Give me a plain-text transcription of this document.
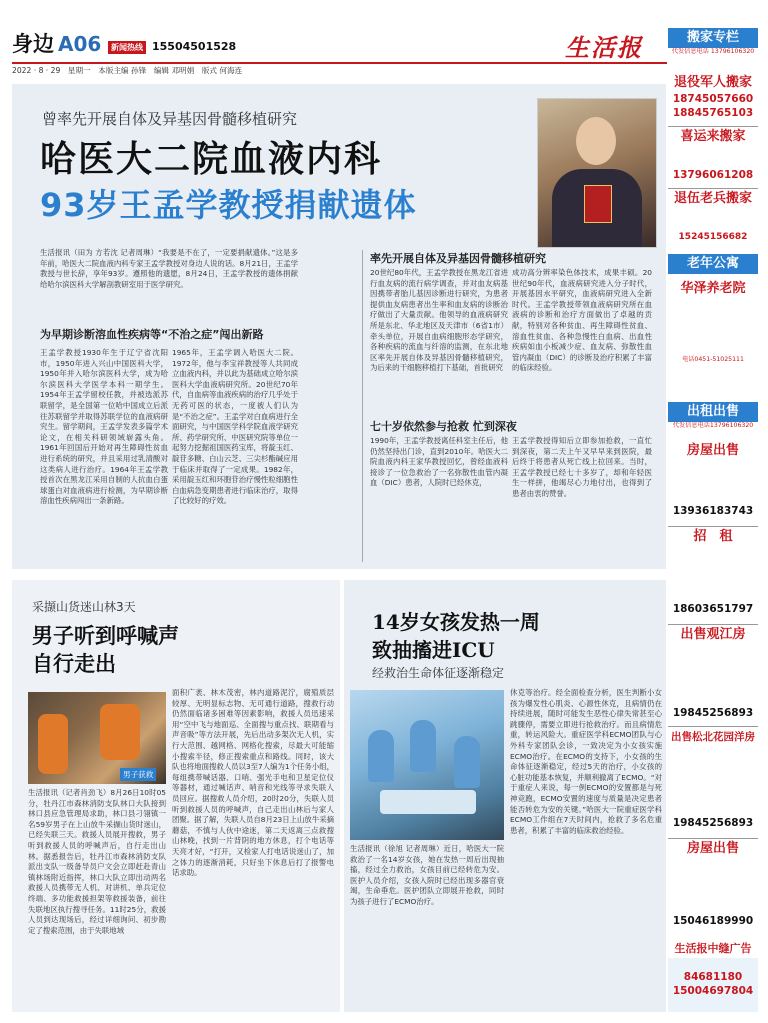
身边 A06	新闻热线 15504501528	生活报
2022 · 8 · 29　星期一　本版主编 孙锋　编辑 邓明娟　版式 何海连
曾率先开展自体及异基因骨髓移植研究
哈医大二院血液内科
93岁王孟学教授捐献遗体
生活报讯（田为 方若沈 记者周琳）“我要是不在了，一定要捐献遗体。”这是多年前，哈医大二院血液内科专家王孟学教授对身边人说的话。8月21日，王孟学教授与世长辞，享年93岁。遵照他的遗愿，8月24日，王孟学教授的遗体捐献给哈尔滨医科大学解剖教研室用于医学研究。
为早期诊断溶血性疾病等“不治之症”闯出新路
王孟学教授1930年生于辽宁省沈阳市，1950年进入兴山中国医科大学，1950年并入哈尔滨医科大学，成为哈尔滨医科大学医学本科一期学生。1954年王孟学留校任教，并被选派苏联留学，是全国第一位哈中国成立后派往苏联留学并取得苏联学位的血液病研究生。留学期间，王孟学发表多篇学术论文，在相关科研领域崭露头角。1961年回国后开始对再生障碍性贫血进行系统的研究，并且采用过乳清酸对这类病人进行治疗。1964年王孟学教授首次在黑龙江采用自制的人抗血白蛋球蛋白对血液病进行检测，为早期诊断溶血性疾病闯出一条新路。
1965年，王孟学调入哈医大二院。1972年，他与李宝祥教授等人共同成立血液内科，并以此为基础成立哈尔滨医科大学血液病研究所。20世纪70年代，自血病等血液疾病的治疗几乎处于无药可医的状态，一度被人们认为是“不治之症”。王孟学对白血病进行全面研究，与中国医学科学院血液学研究所、药学研究所、中医研究院等单位一起努力挖掘祖国医药宝库，将靛玉红、靛苷多糖、白山云芝、三尖杉酯碱应用于临床并取得了一定成果。1982年，采用靛玉红和环胞苷治疗慢性粒细胞性白血病急变期患者进行临床治疗，取得了比较好的疗效。
率先开展自体及异基因骨髓移植研究
20世纪80年代，王孟学教授在黑龙江省进行血友病的流行病学调查，并对血友病基因携带者胎儿基因诊断进行研究，为患者提供血友病患者出生率和血友病的诊断治疗做出了大量贡献。他领导的血液病研究所是东北、华北地区及天津市（6省1市）牵头单位，开展自血病细胞形态学研究，各种疾病的流血与纤溶的监测，在东北地区率先开展自体及异基因骨髓移植研究，为后来的干细胞移植打下基础，首批研究
成功高分辨率染色体技术，成果丰硕。20世纪90年代，血液病研究进入分子时代，开展基因水平研究，血液病研究进入全新时代。王孟学教授带领血液病研究所在血液病的诊断和治疗方面做出了卓越的贡献，特别对各种贫血、再生障碍性贫血、溶血性贫血、各种急慢性白血病、出血性疾病如血小板减少症、血友病、弥散性血管内凝血（DIC）的诊断及治疗积累了丰富的临床经验。
七十岁依然参与抢救 忙到深夜
1990年，王孟学教授离任科室主任后，他仍然坚持出门诊，直到2010年。哈医大二院血液内科王家华教授回忆，曾经血液科接诊了一位急救治了一名弥散性血管内凝血（DIC）患者，人院时已经休克，
王孟学教授得知后立即参加抢救，一直忙到深夜，第二天上午又早早来到医院，最后终于将患者从死亡线上拉回来。当时，王孟学教授已经七十多岁了，却和年轻医生一样拼，他竭尽心力地付出，也得到了患者由衷的赞誉。
采撷山货迷山林3天
男子听到呼喊声
自行走出
男子获救
生活报讯（记者肖劲飞）8月26日10时05分，牡丹江市森林消防支队林口大队接到林口县应急管理局求助，林口县刁翎镇一名59岁男子在上山放牛采撷山货时迷山，已经失联三天。救援人员展开搜救，男子听到救援人员的呼喊声后，自行走出山林。据悉报告后，牡丹江市森林消防支队派出支队一级备导员户文会立即赶赴青山镇林场附近指挥，林口大队立即出动两名救援人员携带无人机、对讲机、单兵定位终端、多功能救援担架等救援装备，前往失联地区执行搜寻任务。11时25分，救援人员到达现场后，经过详细询问、初步勘定了搜索范围，由于失联地域
面积广袤、林木茂密，林内道路泥泞，腐殖质层较厚、无明显标志物、无可通行道路，搜救行动仍然面临诸多困难等因素影响，救援人员迅速采用“空中飞与地面巡、全面搜与重点找、联期看与声音吸”等方法开展，先后出动多架次无人机，实行大范围、越网格、网格化搜索，尽最大可能缩小搜索半径，修正搜索重点和路线。同时，该大队也将地面搜救人员以3至7人编为1个任务小组，每组携带喊话器、口哨、强光手电和卫星定位仪等器材，通过喊话声、哨音和光线等寻求失联人员回应。据搜救人员介绍，20时20分，失联人员听到救援人员的呼喊声，自己走出山林后与家人团聚。据了解，失联人员自8月23日上山放牛采摘蘑菇，不慎与人伙中途迷，第二天返离三点救搜山林晚，找到一片背阴的地方休息，打个电话等天亮才好，“打开，又检家人打电话说迷山了，加之体力的逐渐消耗，只好坐下休息后打了报警电话求助。
14岁女孩发热一周
致抽搐进ICU
经救治生命体征逐渐稳定
生活报讯（徐旭 记者周琳）近日，哈医大一院救治了一名14岁女孩，她在发热一周后出现抽搐，经过全力救治，女孩目前已经转危为安。医护人员介绍，女孩入院时已经出现多器官衰竭，生命垂危。医护团队立即展开抢救，同时为孩子进行了ECMO治疗。
休克等治疗。经全面检查分析，医生判断小女孩为爆发性心肌炎、心源性休克，且病情仍在持续进展，随时可能发生恶性心律失常甚至心跳骤停，需要立即进行抢救治疗。而且病情危重，转运风险大。重症医学科ECMO团队与心外科专家团队会诊，一致决定为小女孩实施ECMO治疗。在ECMO的支持下，小女孩的生命体征逐渐稳定，经过5天的治疗，小女孩的心脏功能基本恢复，并顺利撤离了ECMO。“对于重症人来说，每一例ECMO的安置都是与死神竞跑，ECMO安置的速度与质量是决定患者能否转危为安的关键。”哈医大一院重症医学科ECMO工作组在7天时间内，抢救了多名危重患者，积累了丰富的临床救治经验。
搬家专栏
代发信息电话 13796106320
退役军人搬家
18745057660
18845765103
喜运来搬家
13796061208
退伍老兵搬家
15245156682
老年公寓
华泽养老院
电话0451-51025111
出租出售
代发信息电话13796106320
房屋出售
13936183743
招　租
18603651797
出售观江房
19845256893
出售松北花园洋房
19845256893
房屋出售
15046189990
生活报中缝广告
84681180
15004697804
